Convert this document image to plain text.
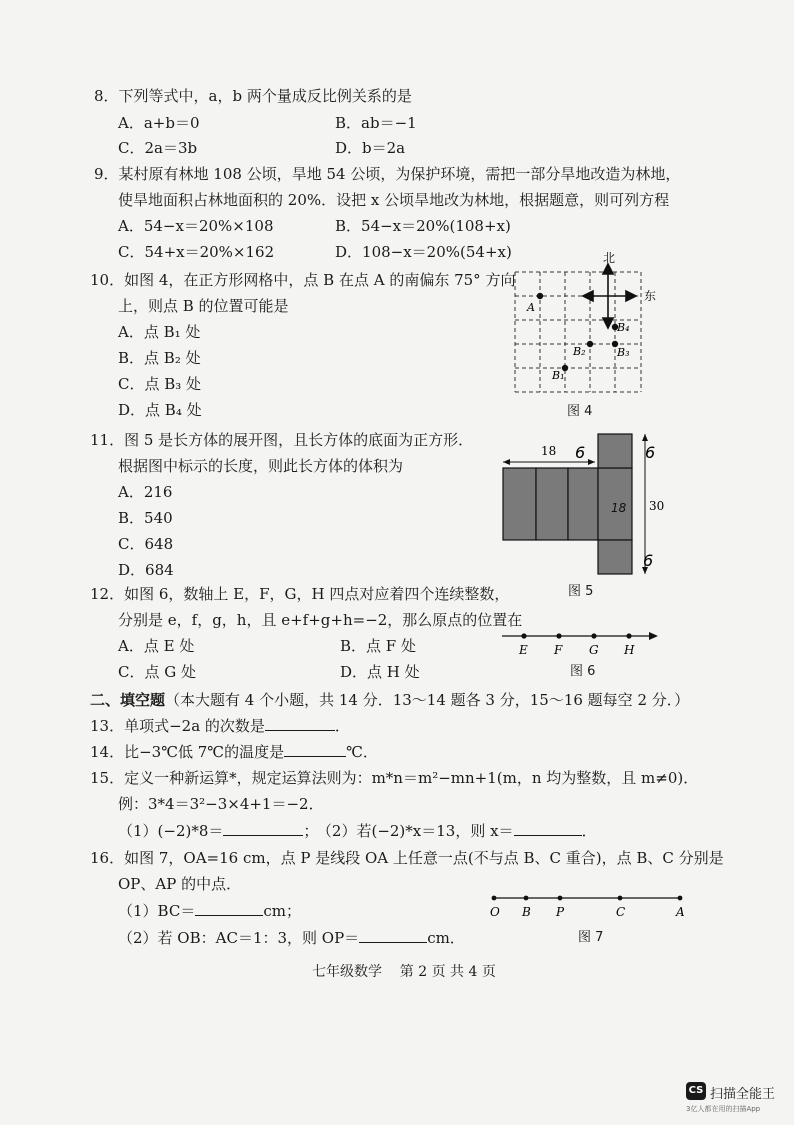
8．下列等式中，a，b 两个量成反比例关系的是
A．a+b＝0	B．ab＝−1
C．2a＝3b	D．b＝2a
9．某村原有林地 108 公顷，旱地 54 公顷，为保护环境，需把一部分旱地改造为林地，
使旱地面积占林地面积的 20%．设把 x 公顷旱地改为林地，根据题意，则可列方程
A．54−x＝20%×108	B．54−x＝20%(108+x)
C．54+x＝20%×162	D．108−x＝20%(54+x)
10．如图 4，在正方形网格中，点 B 在点 A 的南偏东 75° 方向
上，则点 B 的位置可能是
A．点 B₁ 处
B．点 B₂ 处
C．点 B₃ 处
D．点 B₄ 处
北
东
A
B₄
B₂	B₃
B₁
图 4
11．图 5 是长方体的展开图，且长方体的底面为正方形．
根据图中标示的长度，则此长方体的体积为
A．216
B．540
C．648
D．684
18 6
18
6
30
6
图 5
12．如图 6，数轴上 E，F，G，H 四点对应着四个连续整数，
分别是 e，f，g，h，且 e+f+g+h=−2，那么原点的位置在
A．点 E 处	B．点 F 处
C．点 G 处	D．点 H 处
E F G H
图 6
二、填空题（本大题有 4 个小题，共 14 分．13～14 题各 3 分，15～16 题每空 2 分．）
13．单项式−2a 的次数是	．
14．比−3℃低 7℃的温度是	℃．
15．定义一种新运算*，规定运算法则为：m*n＝m²−mn+1(m，n 均为整数，且 m≠0)．
例：3*4＝3²−3×4+1＝−2．
（1）(−2)*8＝	； （2）若(−2)*x＝13，则 x＝	．
16．如图 7，OA=16 cm，点 P 是线段 OA 上任意一点(不与点 B、C 重合)，点 B、C 分别是
OP、AP 的中点．
（1）BC＝	cm；
（2）若 OB：AC＝1：3，则 OP＝	cm．
O B P	C	A
图 7
七年级数学    第 2 页 共 4 页
CS 扫描全能王
3亿人都在用的扫描App
